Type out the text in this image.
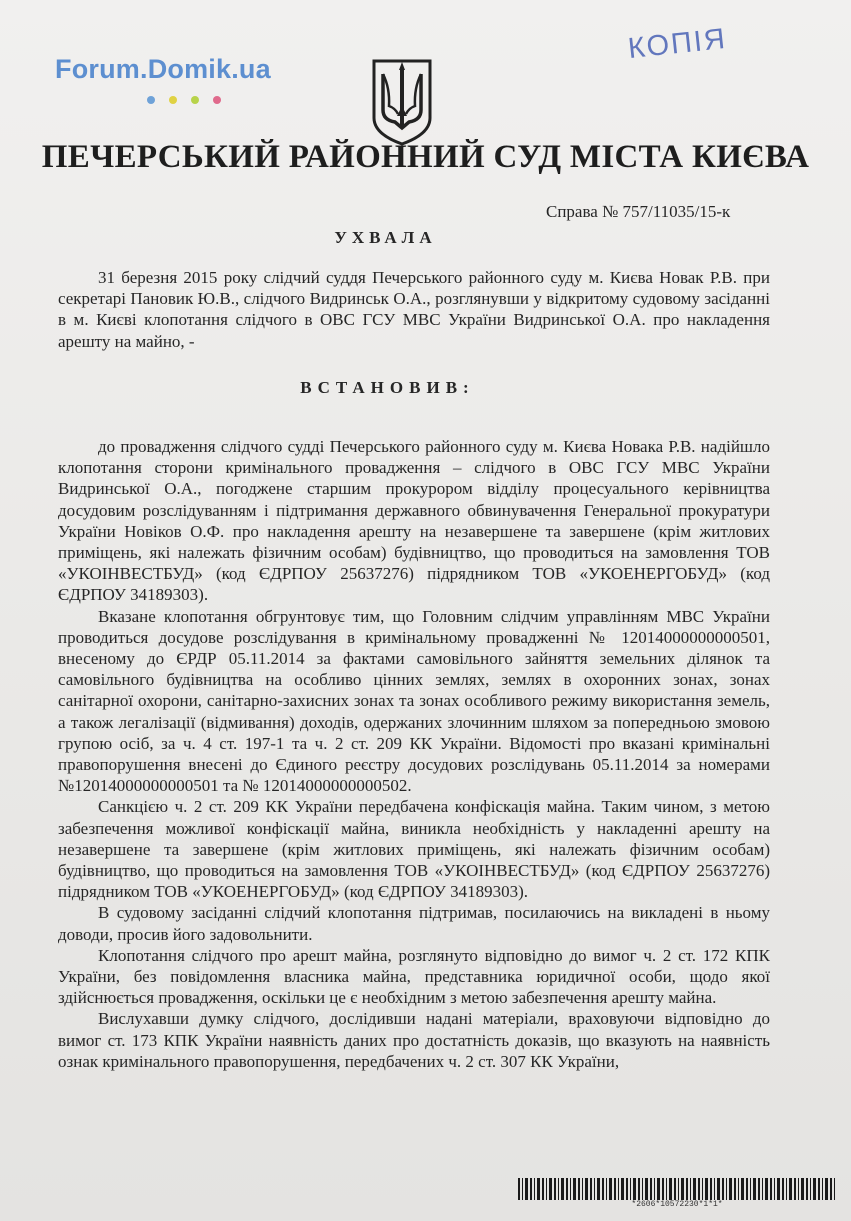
Forum.Domik.ua
КОПІЯ
ПЕЧЕРСЬКИЙ РАЙОННИЙ СУД МІСТА КИЄВА
Справа № 757/11035/15-к
УХВАЛА

31 березня 2015 року слідчий суддя Печерського районного суду м. Києва Новак Р.В. при секретарі Пановик Ю.В., слідчого Видринськ О.А., розглянувши у відкритому судовому засіданні в м. Києві клопотання слідчого в ОВС ГСУ МВС України Видринської О.А. про накладення арешту на майно, -

ВСТАНОВИВ:

до провадження слідчого судді Печерського районного суду м. Києва Новака Р.В. надійшло клопотання сторони кримінального провадження – слідчого в ОВС ГСУ МВС України Видринської О.А., погоджене старшим прокурором відділу процесуального керівництва досудовим розслідуванням і підтримання державного обвинувачення Генеральної прокуратури України Новіков О.Ф. про накладення арешту на незавершене та завершене (крім житлових приміщень, які належать фізичним особам) будівництво, що проводиться на замовлення ТОВ «УКОІНВЕСТБУД» (код ЄДРПОУ 25637276) підрядником ТОВ «УКОЕНЕРГОБУД» (код ЄДРПОУ 34189303).

Вказане клопотання обгрунтовує тим, що Головним слідчим управлінням МВС України проводиться досудове розслідування в кримінальному провадженні № 12014000000000501, внесеному до ЄРДР 05.11.2014 за фактами самовільного зайняття земельних ділянок та самовільного будівництва на особливо цінних землях, землях в охоронних зонах, зонах санітарної охорони, санітарно-захисних зонах та зонах особливого режиму використання земель, а також легалізації (відмивання) доходів, одержаних злочинним шляхом за попередньою змовою групою осіб, за ч. 4 ст. 197-1 та ч. 2 ст. 209 КК України. Відомості про вказані кримінальні правопорушення внесені до Єдиного реєстру досудових розслідувань 05.11.2014 за номерами №12014000000000501 та № 12014000000000502.

Санкцією ч. 2 ст. 209 КК України передбачена конфіскація майна. Таким чином, з метою забезпечення можливої конфіскації майна, виникла необхідність у накладенні арешту на незавершене та завершене (крім житлових приміщень, які належать фізичним особам) будівництво, що проводиться на замовлення ТОВ «УКОІНВЕСТБУД» (код ЄДРПОУ 25637276) підрядником ТОВ «УКОЕНЕРГОБУД» (код ЄДРПОУ 34189303).

В судовому засіданні слідчий клопотання підтримав, посилаючись на викладені в ньому доводи, просив його задовольнити.

Клопотання слідчого про арешт майна, розглянуто відповідно до вимог ч. 2 ст. 172 КПК України, без повідомлення власника майна, представника юридичної особи, щодо якої здійснюється провадження, оскільки це є необхідним з метою забезпечення арешту майна.

Вислухавши думку слідчого, дослідивши надані матеріали, враховуючи відповідно до вимог ст. 173 КПК України наявність даних про достатність доказів, що вказують на наявність ознак кримінального правопорушення, передбачених ч. 2 ст. 307 КК України,

*2606*10572230*1*1*
